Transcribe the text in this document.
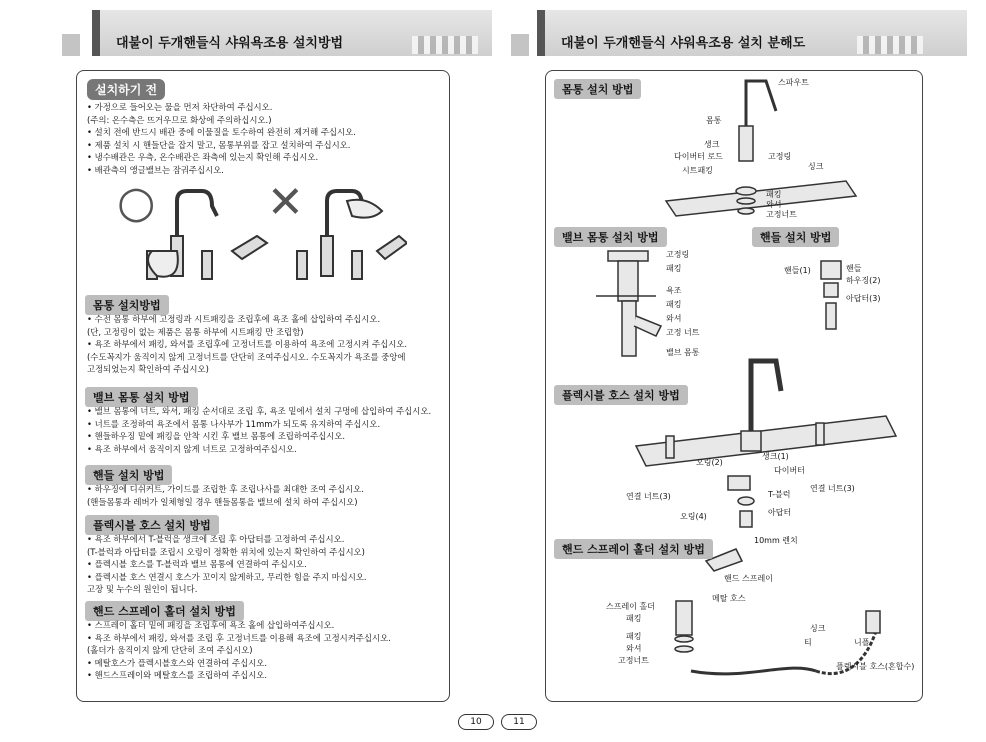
대불이 두개핸들식 샤워욕조용 설치방법
설치하기 전
• 가정으로 들어오는 물을 먼저 차단하여 주십시오.
(주의: 온수측은 뜨거우므로 화상에 주의하십시오.)
• 설치 전에 반드시 배관 중에 이물질을 토수하여 완전히 제거해 주십시오.
• 제품 설치 시 핸들단을 잡지 말고, 몸통부위를 잡고 설치하여 주십시오.
• 냉수배관은 우측, 온수배관은 좌측에 있는지 확인해 주십시오.
• 배관측의 앵글밸브는 잠궈주십시오.
○	✕
몸통 설치방법
• 수전 몸통 하부에 고정링과 시트패킹을 조립후에 욕조 홀에 삽입하여 주십시오.
(단, 고정링이 없는 제품은 몸통 하부에 시트패킹 만 조립함)
• 욕조 하부에서 패킹, 와셔를 조립후에 고정너트를 이용하여 욕조에 고정시켜 주십시오.
(수도꼭지가 움직이지 않게 고정너트를 단단히 조여주십시오. 수도꼭지가 욕조를 중앙에
고정되었는지 확인하여 주십시오)
밸브 몸통 설치 방법
• 밸브 몸통에 너트, 와셔, 패킹 순서대로 조립 후, 욕조 밑에서 설치 구멍에 삽입하여 주십시오.
• 너트를 조정하여 욕조에서 몸통 나사부가 11mm가 되도록 유지하여 주십시오.
• 핸들하우징 밑에 패킹을 안착 시킨 후 밸브 몸통에 조립하여주십시오.
• 욕조 하부에서 움직이지 않게 너트로 고정하여주십시오.
핸들 설치 방법
• 하우징에 디쉬커트, 가이드를 조립한 후 조립나사를 최대한 조여 주십시오.
(핸들몸통과 레버가 일체형일 경우 핸들몸통을 밸브에 설치 하여 주십시오)
플렉시블 호스 설치 방법
• 욕조 하부에서 T-블럭을 생크에 조립 후 아답터를 고정하여 주십시오.
(T-블럭과 아답터를 조립시 오링이 정확한 위치에 있는지 확인하여 주십시오)
• 플렉시블 호스를 T-블럭과 밸브 몸통에 연결하여 주십시오.
• 플렉시블 호스 연결시 호스가 꼬이지 않게하고, 무리한 힘을 주지 마십시오.
고장 및 누수의 원인이 됩니다.
핸드 스프레이 홀더 설치 방법
• 스프레이 홀더 밑에 패킹을 조립후에 욕조 홀에 삽입하여주십시오.
• 욕조 하부에서 패킹, 와셔를 조립 후 고정너트를 이용해 욕조에 고정시켜주십시오.
(홀더가 움직이지 않게 단단히 조여 주십시오)
• 메탈호스가 플렉시블호스와 연결하여 주십시오.
• 핸드스프레이와 메탈호스를 조립하여 주십시오.
10
대불이 두개핸들식 샤워욕조용 설치 분해도
몸통 설치 방법
스파우트
몸통
생크
다이버터 로드	고정링
시트패킹	싱크
패킹
와셔
고정너트
밸브 몸통 설치 방법
고정링
패킹
욕조
패킹
와셔
고정 너트
밸브 몸통
핸들 설치 방법
핸들(1)	핸들
하우징(2)
아답터(3)
플렉시블 호스 설치 방법
생크(1)
오링(2)
다이버터
연결 너트(3)	T-블럭
연결 너트(3)
오링(4)	아답터
10mm 렌치
핸드 스프레이 홀더 설치 방법
핸드 스프레이
메탈 호스
스프레이 홀더
패킹
패킹
와셔
고정너트
싱크
티	니플
플렉시블 호스(혼합수)
11
